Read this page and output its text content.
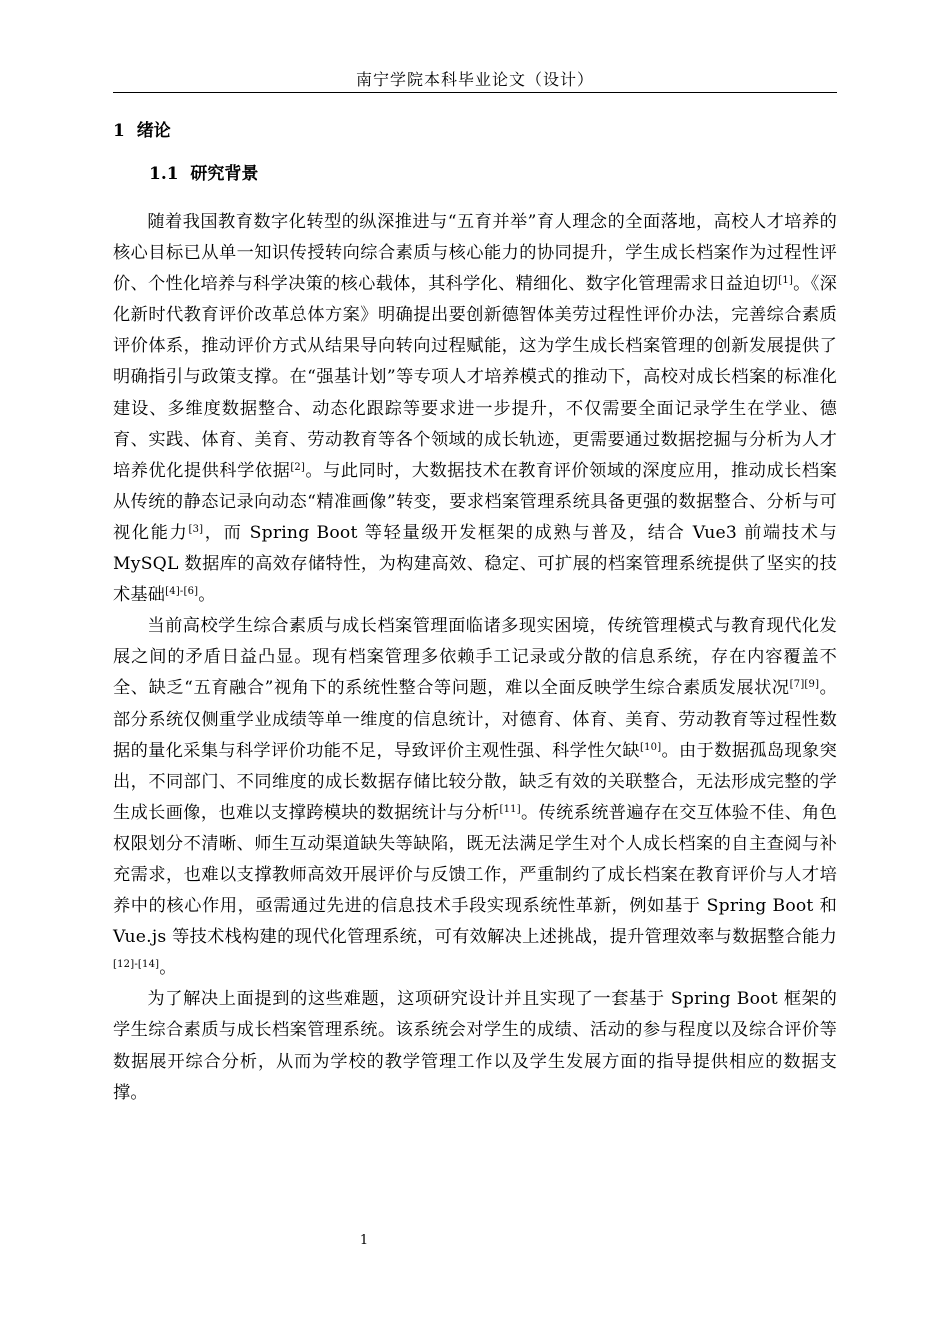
南宁学院本科毕业论文（设计）
1 绪论
1.1 研究背景

随着我国教育数字化转型的纵深推进与“五育并举”育人理念的全面落地，高校人才培养的核心目标已从单一知识传授转向综合素质与核心能力的协同提升，学生成长档案作为过程性评价、个性化培养与科学决策的核心载体，其科学化、精细化、数字化管理需求日益迫切[1]。《深化新时代教育评价改革总体方案》明确提出要创新德智体美劳过程性评价办法，完善综合素质评价体系，推动评价方式从结果导向转向过程赋能，这为学生成长档案管理的创新发展提供了明确指引与政策支撑。在“强基计划”等专项人才培养模式的推动下，高校对成长档案的标准化建设、多维度数据整合、动态化跟踪等要求进一步提升，不仅需要全面记录学生在学业、德育、实践、体育、美育、劳动教育等各个领域的成长轨迹，更需要通过数据挖掘与分析为人才培养优化提供科学依据[2]。与此同时，大数据技术在教育评价领域的深度应用，推动成长档案从传统的静态记录向动态“精准画像”转变，要求档案管理系统具备更强的数据整合、分析与可视化能力[3]，而 Spring Boot 等轻量级开发框架的成熟与普及，结合 Vue3 前端技术与 MySQL 数据库的高效存储特性，为构建高效、稳定、可扩展的档案管理系统提供了坚实的技术基础[4]-[6]。

当前高校学生综合素质与成长档案管理面临诸多现实困境，传统管理模式与教育现代化发展之间的矛盾日益凸显。现有档案管理多依赖手工记录或分散的信息系统，存在内容覆盖不全、缺乏“五育融合”视角下的系统性整合等问题，难以全面反映学生综合素质发展状况[7][9]。部分系统仅侧重学业成绩等单一维度的信息统计，对德育、体育、美育、劳动教育等过程性数据的量化采集与科学评价功能不足，导致评价主观性强、科学性欠缺[10]。由于数据孤岛现象突出，不同部门、不同维度的成长数据存储比较分散，缺乏有效的关联整合，无法形成完整的学生成长画像，也难以支撑跨模块的数据统计与分析[11]。传统系统普遍存在交互体验不佳、角色权限划分不清晰、师生互动渠道缺失等缺陷，既无法满足学生对个人成长档案的自主查阅与补充需求，也难以支撑教师高效开展评价与反馈工作，严重制约了成长档案在教育评价与人才培养中的核心作用，亟需通过先进的信息技术手段实现系统性革新，例如基于 Spring Boot 和 Vue.js 等技术栈构建的现代化管理系统，可有效解决上述挑战，提升管理效率与数据整合能力[12]-[14]。

为了解决上面提到的这些难题，这项研究设计并且实现了一套基于 Spring Boot 框架的学生综合素质与成长档案管理系统。该系统会对学生的成绩、活动的参与程度以及综合评价等数据展开综合分析，从而为学校的教学管理工作以及学生发展方面的指导提供相应的数据支撑。

1
